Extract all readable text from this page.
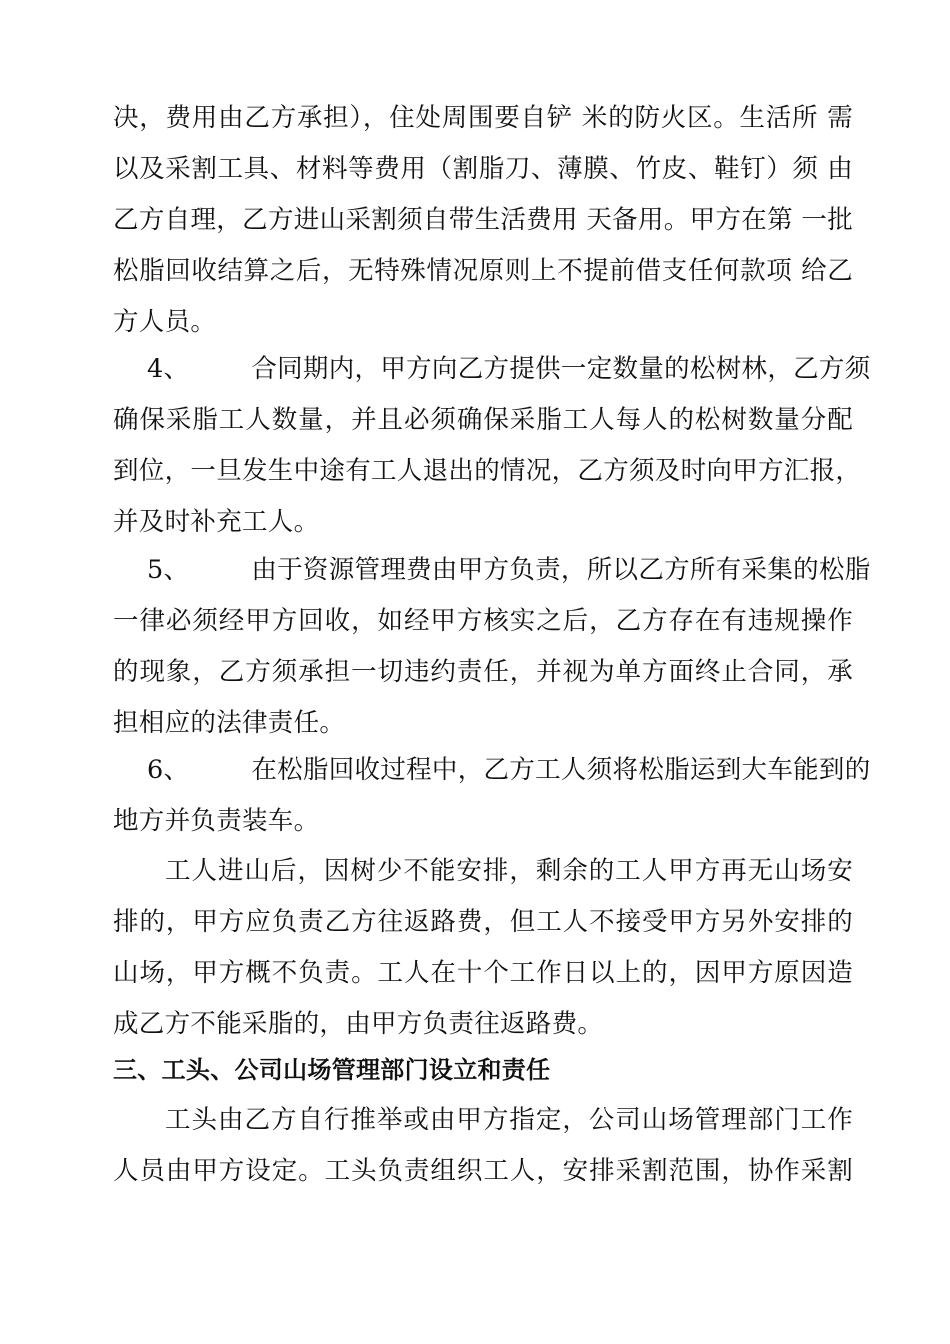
决，费用由乙方承担），住处周围要自铲 米的防火区。生活所 需
以及采割工具、材料等费用（割脂刀、薄膜、竹皮、鞋钉）须 由
乙方自理，乙方进山采割须自带生活费用 天备用。甲方在第 一批
松脂回收结算之后，无特殊情况原则上不提前借支任何款项 给乙
方人员。
4、 合同期内，甲方向乙方提供一定数量的松树林，乙方须
确保采脂工人数量，并且必须确保采脂工人每人的松树数量分配
到位，一旦发生中途有工人退出的情况，乙方须及时向甲方汇报，
并及时补充工人。
5、 由于资源管理费由甲方负责，所以乙方所有采集的松脂
一律必须经甲方回收，如经甲方核实之后，乙方存在有违规操作
的现象，乙方须承担一切违约责任，并视为单方面终止合同，承
担相应的法律责任。
6、 在松脂回收过程中，乙方工人须将松脂运到大车能到的
地方并负责装车。
工人进山后，因树少不能安排，剩余的工人甲方再无山场安
排的，甲方应负责乙方往返路费，但工人不接受甲方另外安排的
山场，甲方概不负责。工人在十个工作日以上的，因甲方原因造
成乙方不能采脂的，由甲方负责往返路费。
三、工头、公司山场管理部门设立和责任
工头由乙方自行推举或由甲方指定，公司山场管理部门工作
人员由甲方设定。工头负责组织工人，安排采割范围，协作采割
